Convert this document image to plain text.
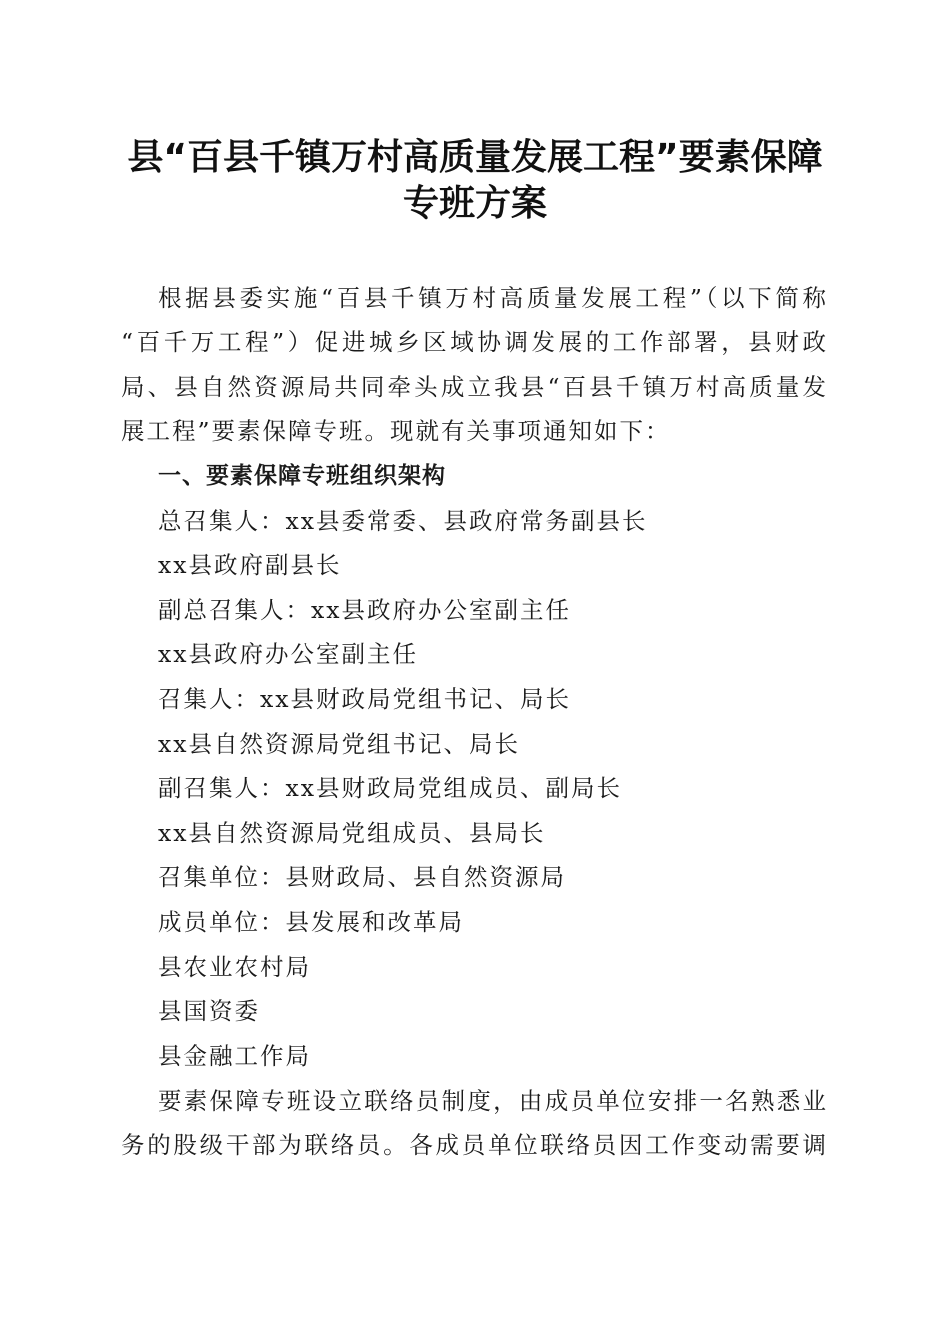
县“百县千镇万村高质量发展工程”要素保障
专班方案
根据县委实施“百县千镇万村高质量发展工程”（以下简称
“百千万工程”）促进城乡区域协调发展的工作部署，县财政
局、县自然资源局共同牵头成立我县“百县千镇万村高质量发
展工程”要素保障专班。现就有关事项通知如下：
一、要素保障专班组织架构
总召集人：xx县委常委、县政府常务副县长
xx县政府副县长
副总召集人：xx县政府办公室副主任
xx县政府办公室副主任
召集人：xx县财政局党组书记、局长
xx县自然资源局党组书记、局长
副召集人：xx县财政局党组成员、副局长
xx县自然资源局党组成员、县局长
召集单位：县财政局、县自然资源局
成员单位：县发展和改革局
县农业农村局
县国资委
县金融工作局
要素保障专班设立联络员制度，由成员单位安排一名熟悉业
务的股级干部为联络员。各成员单位联络员因工作变动需要调
